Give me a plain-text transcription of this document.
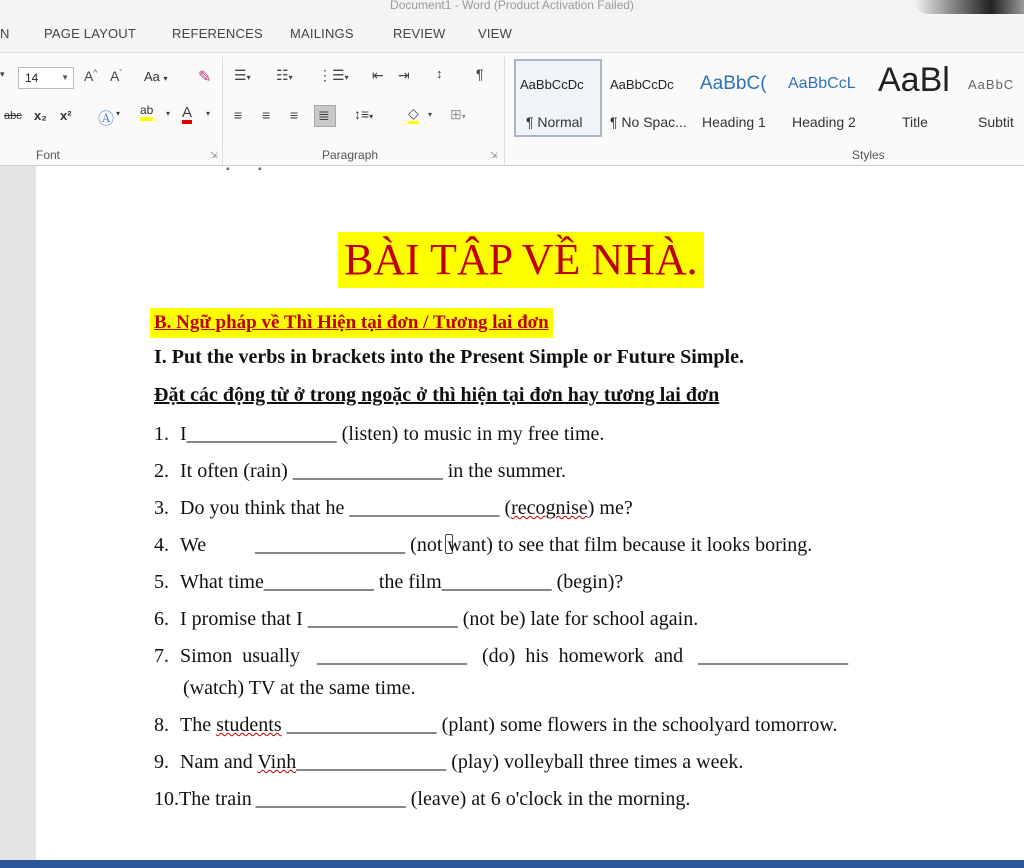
$^{Document1 - Word (Product Activation Failed)}$
N	PAGE LAYOUT	REFERENCES MAILINGS	REVIEW	VIEW
▾ 14	▼ A^ $A^ˇ$ Aa ▾ ✎
abc x₂ x² Ⓐ ▾ ab ▾ A ▾
Font	⇲
☰▾ ☷▾ ⋮☰▾ ⇤ ⇥ ↕ ¶
≡ ≡ ≡ ≣ ↕≡▾ ◇ ▾ ⊞▾
Paragraph	⇲
AaBbCcDc
¶ Normal
AaBbCcDc
¶ No Spac...
AaBbC(
Heading 1
AaBbCcL
Heading 2
AaBl
Title
AaBbC
Subtit
Styles
▪	▪
BÀI TÂP VỀ NHÀ.
B. Ngữ pháp về Thì Hiện tại đơn / Tương lai đơn
I. Put the verbs in brackets into the Present Simple or Future Simple.
Đặt các động từ ở trong ngoặc ở thì hiện tại đơn hay tương lai đơn
1. I_______________ (listen) to music in my free time.
2. It often (rain) _______________ in the summer.
3. Do you think that he _______________ (recognise) me?
4. We _______________ (not want) to see that film because it looks boring.
5. What time___________ the film___________ (begin)?
6. I promise that I _______________ (not be) late for school again.
7. Simon  usually _______________ (do)  his  homework  and _______________
(watch) TV at the same time.
8. The students _______________ (plant) some flowers in the schoolyard tomorrow.
9. Nam and Vinh_______________ (play) volleyball three times a week.
10.The train _______________ (leave) at 6 o'clock in the morning.
